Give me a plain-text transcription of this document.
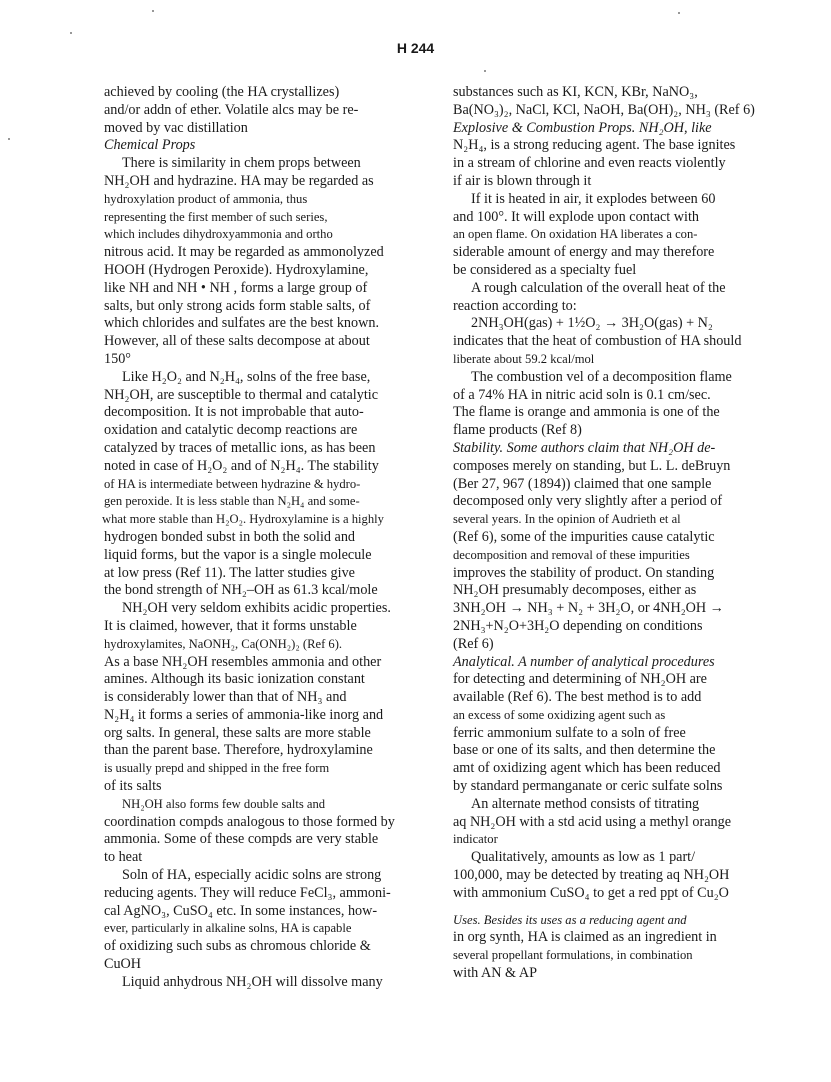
H 244
achieved by cooling (the HA crystallizes)
and/or addn of ether. Volatile alcs may be re-
moved by vac distillation
Chemical Props
There is similarity in chem props between
NH₂OH and hydrazine. HA may be regarded as
hydroxylation product of ammonia, thus
representing the first member of such series,
which includes dihydroxyammonia and ortho
nitrous acid. It may be regarded as ammonolyzed
HOOH (Hydrogen Peroxide). Hydroxylamine,
like NH and NH • NH , forms a large group of
salts, but only strong acids form stable salts, of
which chlorides and sulfates are the best known.
However, all of these salts decompose at about
150°
Like H₂O₂ and N₂H₄, solns of the free base,
NH₂OH, are susceptible to thermal and catalytic
decomposition. It is not improbable that auto-
oxidation and catalytic decomp reactions are
catalyzed by traces of metallic ions, as has been
noted in case of H₂O₂ and of N₂H₄. The stability
of HA is intermediate between hydrazine & hydro-
gen peroxide. It is less stable than N₂H₄ and some-
what more stable than H₂O₂. Hydroxylamine is a highly
hydrogen bonded subst in both the solid and
liquid forms, but the vapor is a single molecule
at low press (Ref 11). The latter studies give
the bond strength of NH₂–OH as 61.3 kcal/mole
NH₂OH very seldom exhibits acidic properties.
It is claimed, however, that it forms unstable
hydroxylamites, NaONH₂, Ca(ONH₂)₂ (Ref 6).
As a base NH₂OH resembles ammonia and other
amines. Although its basic ionization constant
is considerably lower than that of NH₃ and
N₂H₄ it forms a series of ammonia-like inorg and
org salts. In general, these salts are more stable
than the parent base. Therefore, hydroxylamine
is usually prepd and shipped in the free form
of its salts
NH₂OH also forms few double salts and
coordination compds analogous to those formed by
ammonia. Some of these compds are very stable
to heat
Soln of HA, especially acidic solns are strong
reducing agents. They will reduce FeCl₃, ammoni-
cal AgNO₃, CuSO₄ etc. In some instances, how-
ever, particularly in alkaline solns, HA is capable
of oxidizing such subs as chromous chloride &
CuOH
Liquid anhydrous NH₂OH will dissolve many
substances such as KI, KCN, KBr, NaNO₃,
Ba(NO₃)₂, NaCl, KCl, NaOH, Ba(OH)₂, NH₃ (Ref 6)
Explosive & Combustion Props. NH₂OH, like
N₂H₄, is a strong reducing agent. The base ignites
in a stream of chlorine and even reacts violently
if air is blown through it
If it is heated in air, it explodes between 60
and 100°. It will explode upon contact with
an open flame. On oxidation HA liberates a con-
siderable amount of energy and may therefore
be considered as a specialty fuel
A rough calculation of the overall heat of the
reaction according to:
2NH₃OH(gas) + 1½O₂ → 3H₂O(gas) + N₂
indicates that the heat of combustion of HA should
liberate about 59.2 kcal/mol
The combustion vel of a decomposition flame
of a 74% HA in nitric acid soln is 0.1 cm/sec.
The flame is orange and ammonia is one of the
flame products (Ref 8)
Stability. Some authors claim that NH₂OH de-
composes merely on standing, but L. L. deBruyn
(Ber 27, 967 (1894)) claimed that one sample
decomposed only very slightly after a period of
several years. In the opinion of Audrieth et al
(Ref 6), some of the impurities cause catalytic
decomposition and removal of these impurities
improves the stability of product. On standing
NH₂OH presumably decomposes, either as
3NH₂OH → NH₃ + N₂ + 3H₂O, or 4NH₂OH →
2NH₃+N₂O+3H₂O depending on conditions
(Ref 6)
Analytical. A number of analytical procedures
for detecting and determining of NH₂OH are
available (Ref 6). The best method is to add
an excess of some oxidizing agent such as
ferric ammonium sulfate to a soln of free
base or one of its salts, and then determine the
amt of oxidizing agent which has been reduced
by standard permanganate or ceric sulfate solns
An alternate method consists of titrating
aq NH₂OH with a std acid using a methyl orange
indicator
Qualitatively, amounts as low as 1 part/
100,000, may be detected by treating aq NH₂OH
with ammonium CuSO₄ to get a red ppt of Cu₂O
Uses. Besides its uses as a reducing agent and
in org synth, HA is claimed as an ingredient in
several propellant formulations, in combination
with AN & AP
